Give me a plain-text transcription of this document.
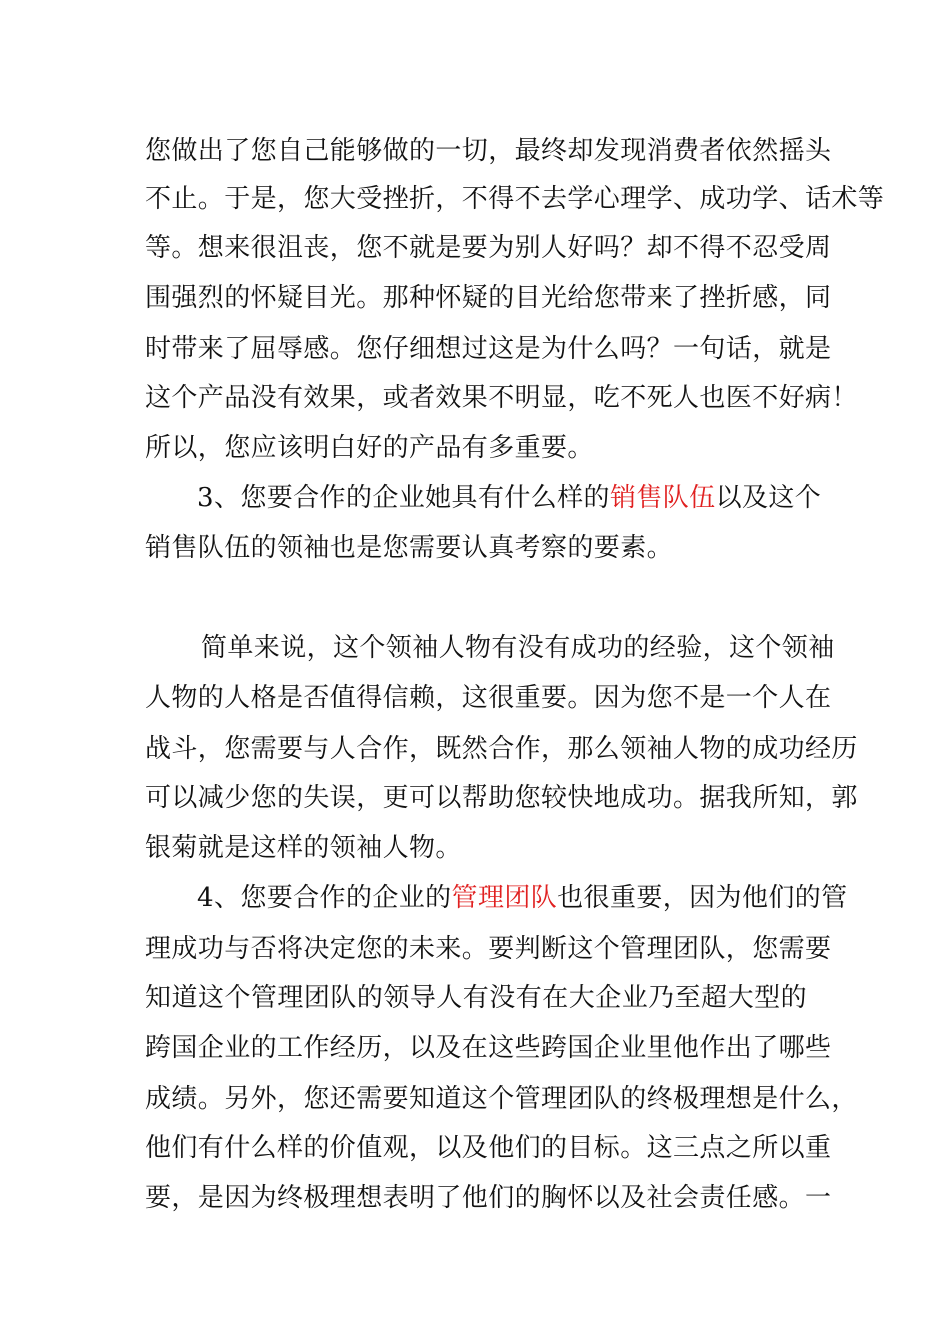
您做出了您自己能够做的一切，最终却发现消费者依然摇头
不止。于是，您大受挫折，不得不去学心理学、成功学、话术等
等。想来很沮丧，您不就是要为别人好吗？却不得不忍受周
围强烈的怀疑目光。那种怀疑的目光给您带来了挫折感，同
时带来了屈辱感。您仔细想过这是为什么吗？一句话，就是
这个产品没有效果，或者效果不明显，吃不死人也医不好病！
所以，您应该明白好的产品有多重要。
3、您要合作的企业她具有什么样的销售队伍以及这个
销售队伍的领袖也是您需要认真考察的要素。
简单来说，这个领袖人物有没有成功的经验，这个领袖
人物的人格是否值得信赖，这很重要。因为您不是一个人在
战斗，您需要与人合作，既然合作，那么领袖人物的成功经历
可以减少您的失误，更可以帮助您较快地成功。据我所知，郭
银菊就是这样的领袖人物。
4、您要合作的企业的管理团队也很重要，因为他们的管
理成功与否将决定您的未来。要判断这个管理团队，您需要
知道这个管理团队的领导人有没有在大企业乃至超大型的
跨国企业的工作经历，以及在这些跨国企业里他作出了哪些
成绩。另外，您还需要知道这个管理团队的终极理想是什么，
他们有什么样的价值观，以及他们的目标。这三点之所以重
要，是因为终极理想表明了他们的胸怀以及社会责任感。一
